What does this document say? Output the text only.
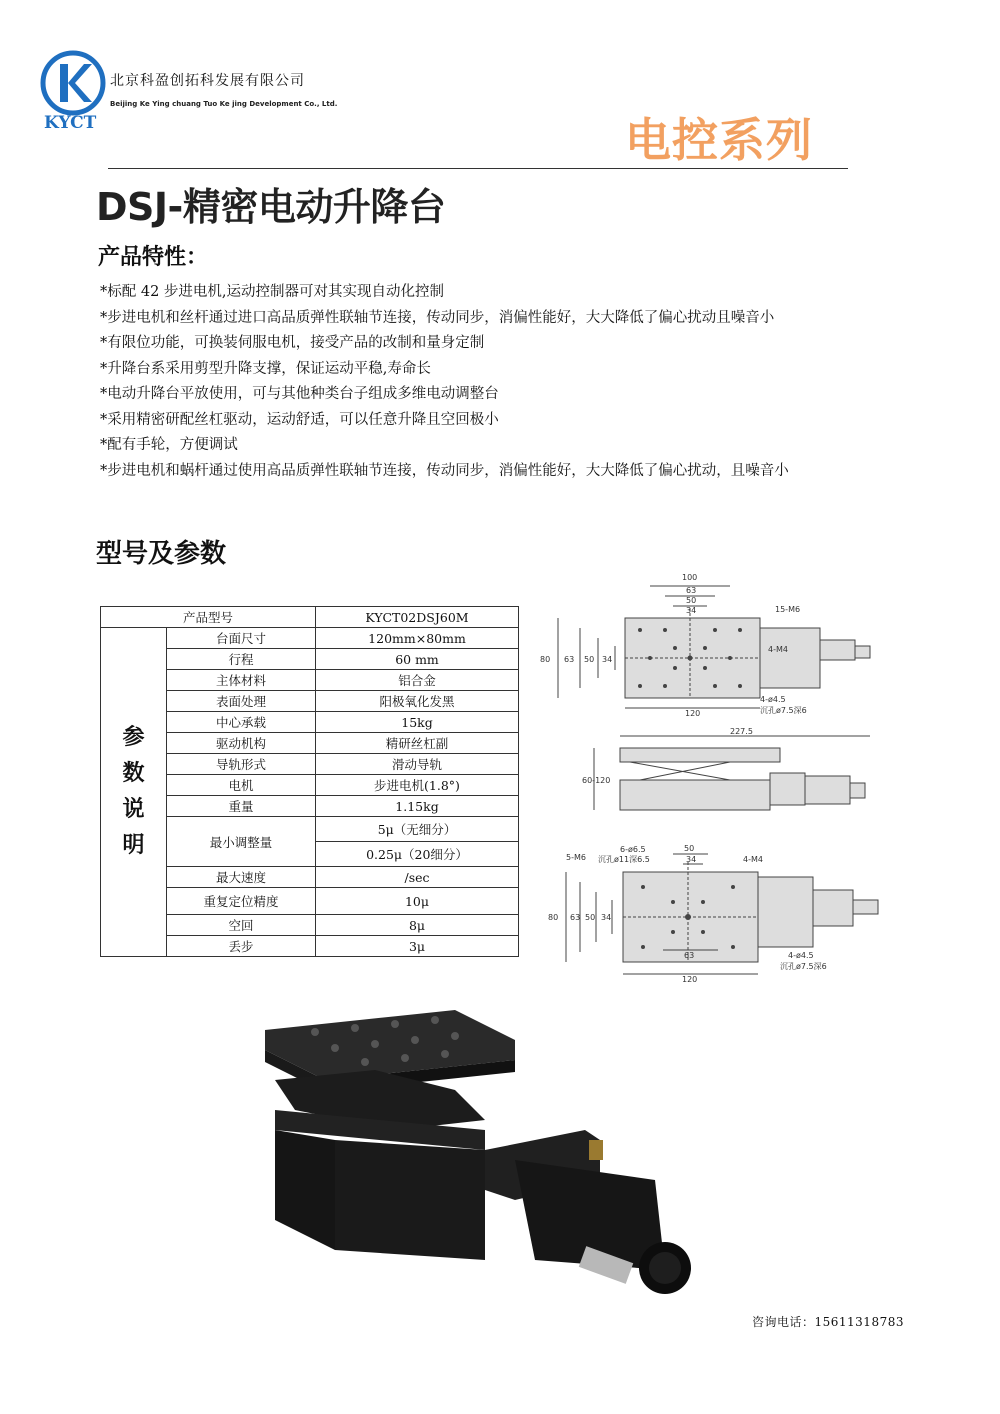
KYCT
北京科盈创拓科发展有限公司
Beijing Ke Ying chuang Tuo Ke jing Development Co., Ltd.
电控系列
DSJ-精密电动升降台
产品特性：

*标配 42 步进电机,运动控制器可对其实现自动化控制

*步进电机和丝杆通过进口高品质弹性联轴节连接，传动同步，消偏性能好，大大降低了偏心扰动且噪音小

*有限位功能，可换装伺服电机，接受产品的改制和量身定制

*升降台系采用剪型升降支撑，保证运动平稳,寿命长

*电动升降台平放使用，可与其他种类台子组成多维电动调整台

*采用精密研配丝杠驱动，运动舒适，可以任意升降且空回极小

*配有手轮，方便调试

*步进电机和蜗杆通过使用高品质弹性联轴节连接，传动同步，消偏性能好，大大降低了偏心扰动，且噪音小

型号及参数
产品型号		KYCT02DSJ60M

参
数
说
明	台面尺寸	120mm×80mm
	行程	60 mm
	主体材料	铝合金
	表面处理	阳极氧化发黑
	中心承载	15kg
	驱动机构	精研丝杠副
	导轨形式	滑动导轨
	电机	步进电机(1.8°)
	重量	1.15kg
	最小调整量	5μ（无细分）
		0.25μ（20细分）
	最大速度	/sec
	重复定位精度	10μ
	空回	8μ
	丢步	3μ
100
63
50
34
120
80 63 50 34
15-M6
4-M4
4-ø4.5
沉孔ø7.5深6
227.5
60-120
50
34
63
120
80 63 50 34
5-M6
6-ø6.5
沉孔ø11深6.5	4-M4
4-ø4.5
沉孔ø7.5深6
咨询电话：15611318783
